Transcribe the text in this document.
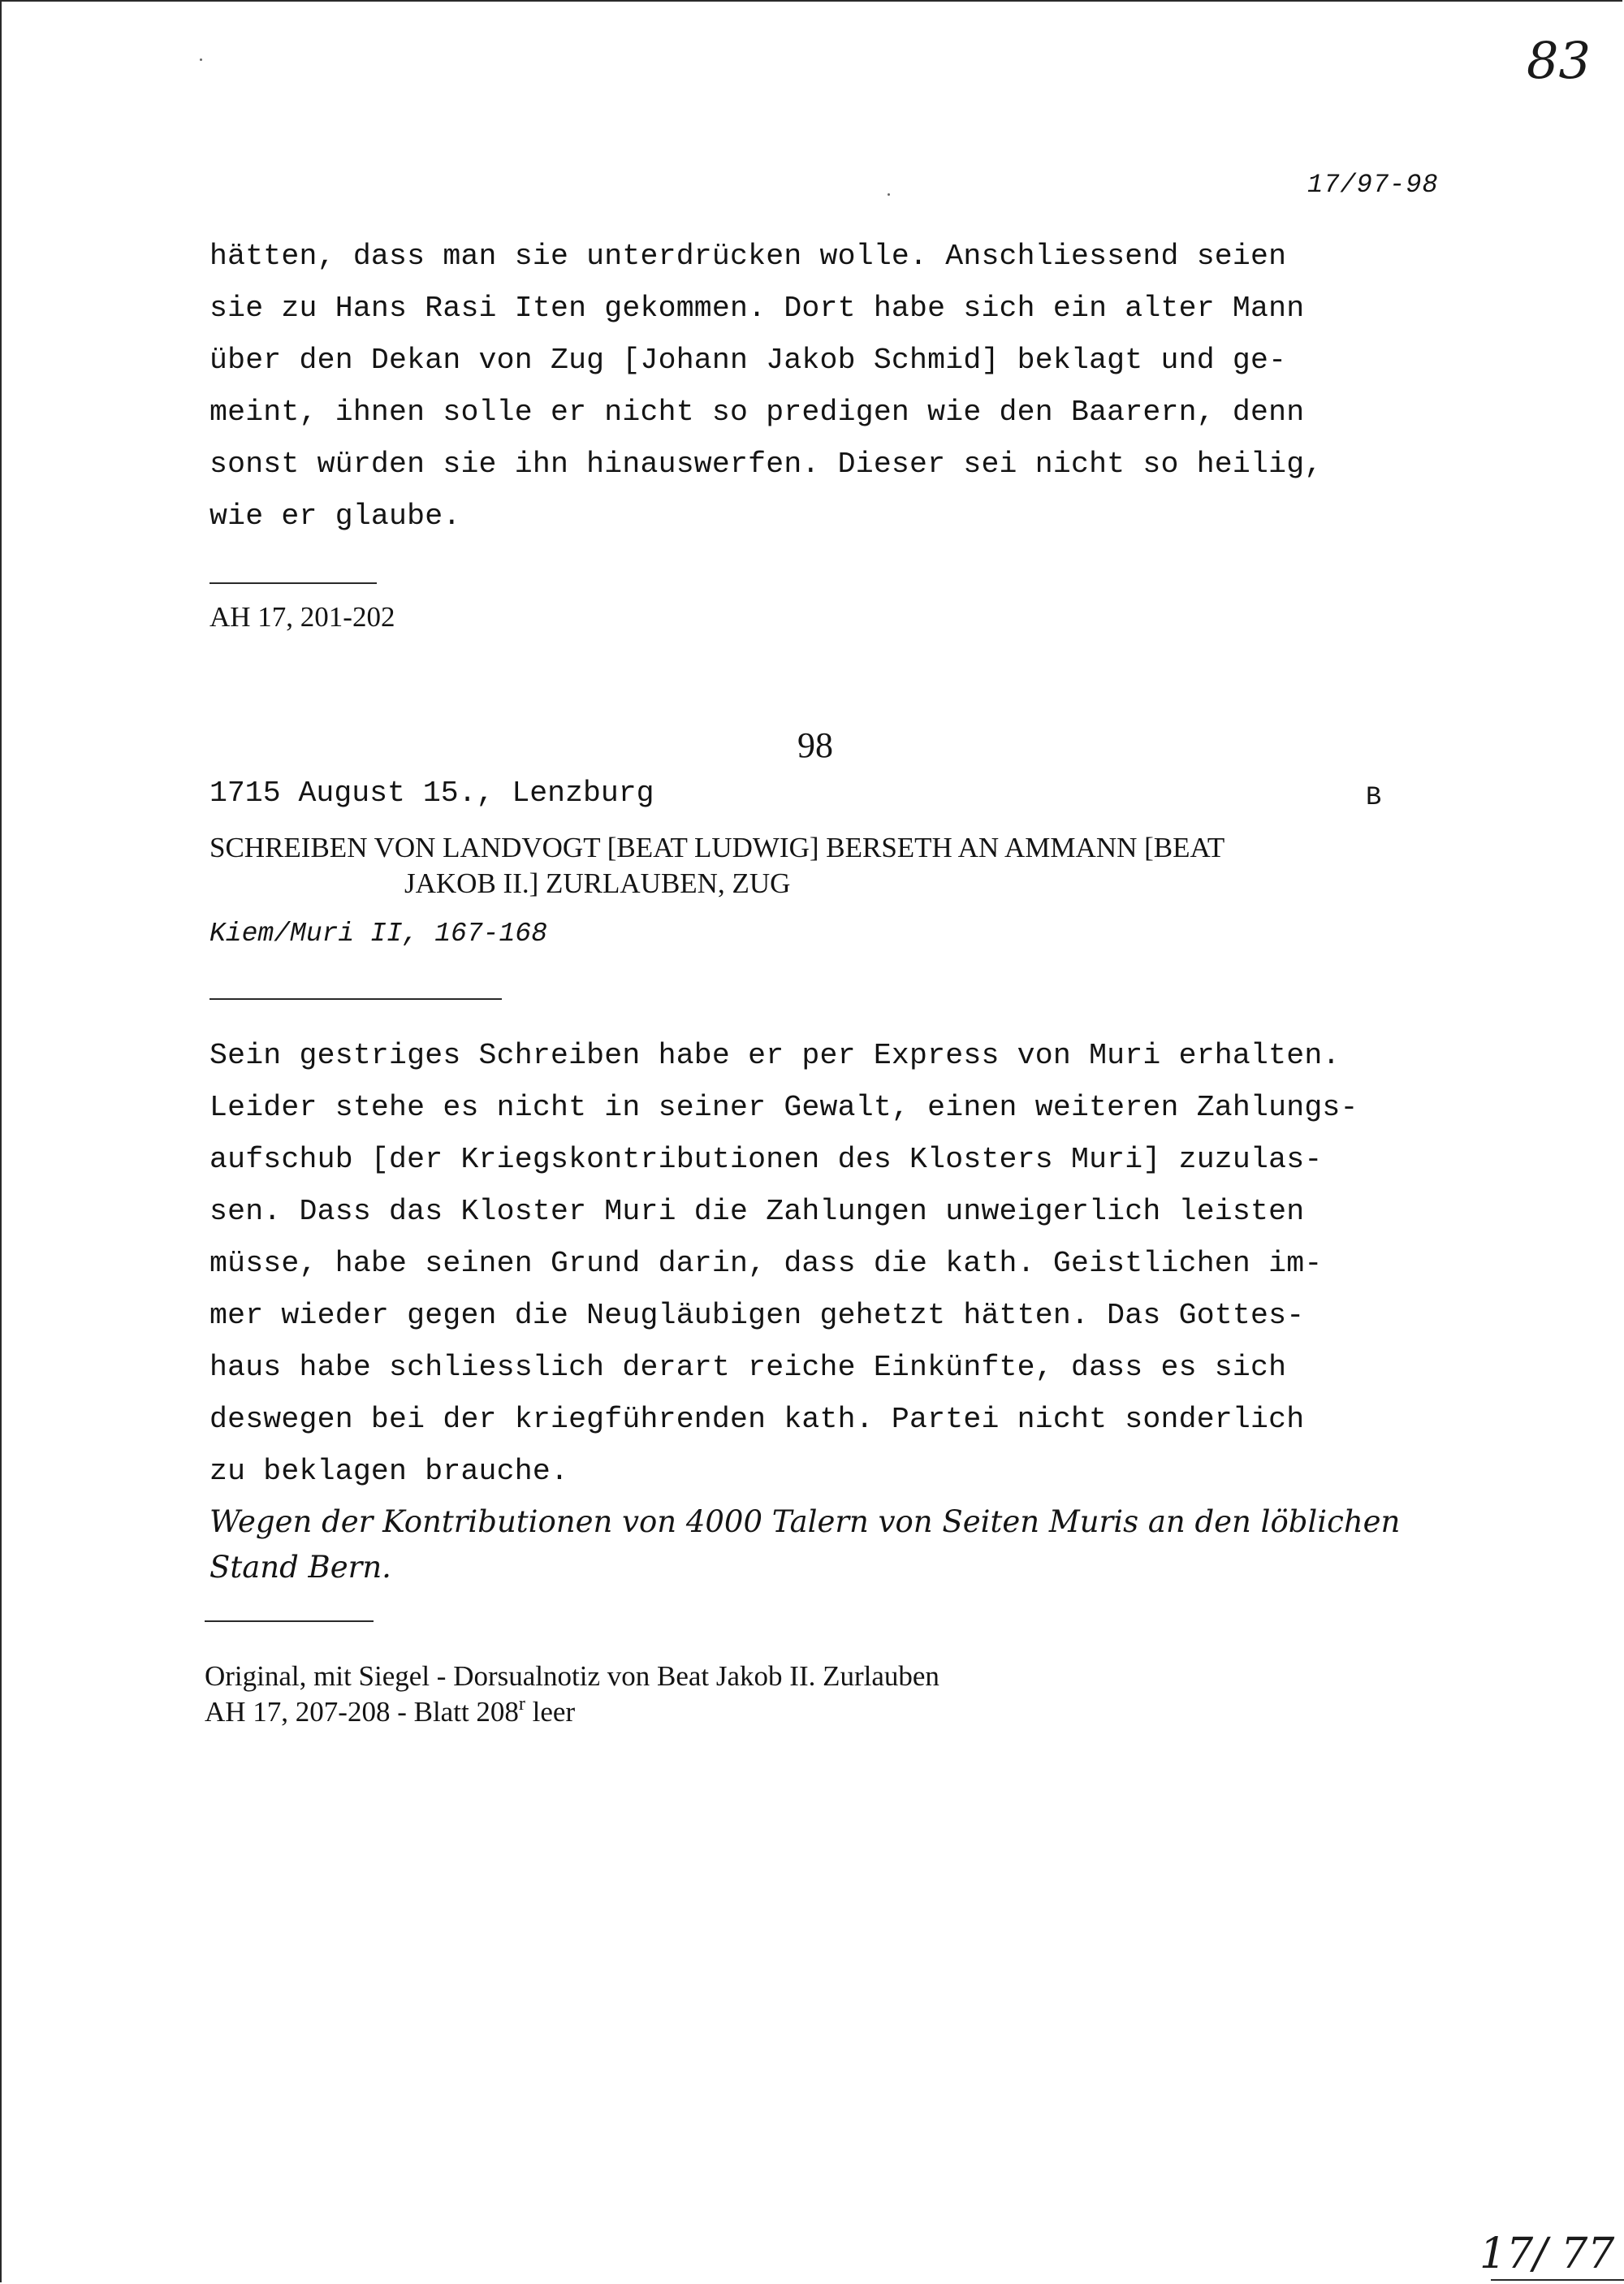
83
17/97-98
hätten, dass man sie unterdrücken wolle. Anschliessend seien
sie zu Hans Rasi Iten gekommen. Dort habe sich ein alter Mann
über den Dekan von Zug [Johann Jakob Schmid] beklagt und ge-
meint, ihnen solle er nicht so predigen wie den Baarern, denn
sonst würden sie ihn hinauswerfen. Dieser sei nicht so heilig,
wie er glaube.
AH 17, 201-202
98
1715 August 15., Lenzburg	B
SCHREIBEN VON LANDVOGT [BEAT LUDWIG] BERSETH AN AMMANN [BEAT
JAKOB II.] ZURLAUBEN, ZUG
Kiem/Muri II, 167-168
Sein gestriges Schreiben habe er per Express von Muri erhalten.
Leider stehe es nicht in seiner Gewalt, einen weiteren Zahlungs-
aufschub [der Kriegskontributionen des Klosters Muri] zuzulas-
sen. Dass das Kloster Muri die Zahlungen unweigerlich leisten
müsse, habe seinen Grund darin, dass die kath. Geistlichen im-
mer wieder gegen die Neugläubigen gehetzt hätten. Das Gottes-
haus habe schliesslich derart reiche Einkünfte, dass es sich
deswegen bei der kriegführenden kath. Partei nicht sonderlich
zu beklagen brauche.
Wegen der Kontributionen von 4000 Talern von Seiten Muris an den löblichen
Stand Bern.
Original, mit Siegel - Dorsualnotiz von Beat Jakob II. Zurlauben
AH 17, 207-208 - Blatt 208$^r$ leer
17/ 77
